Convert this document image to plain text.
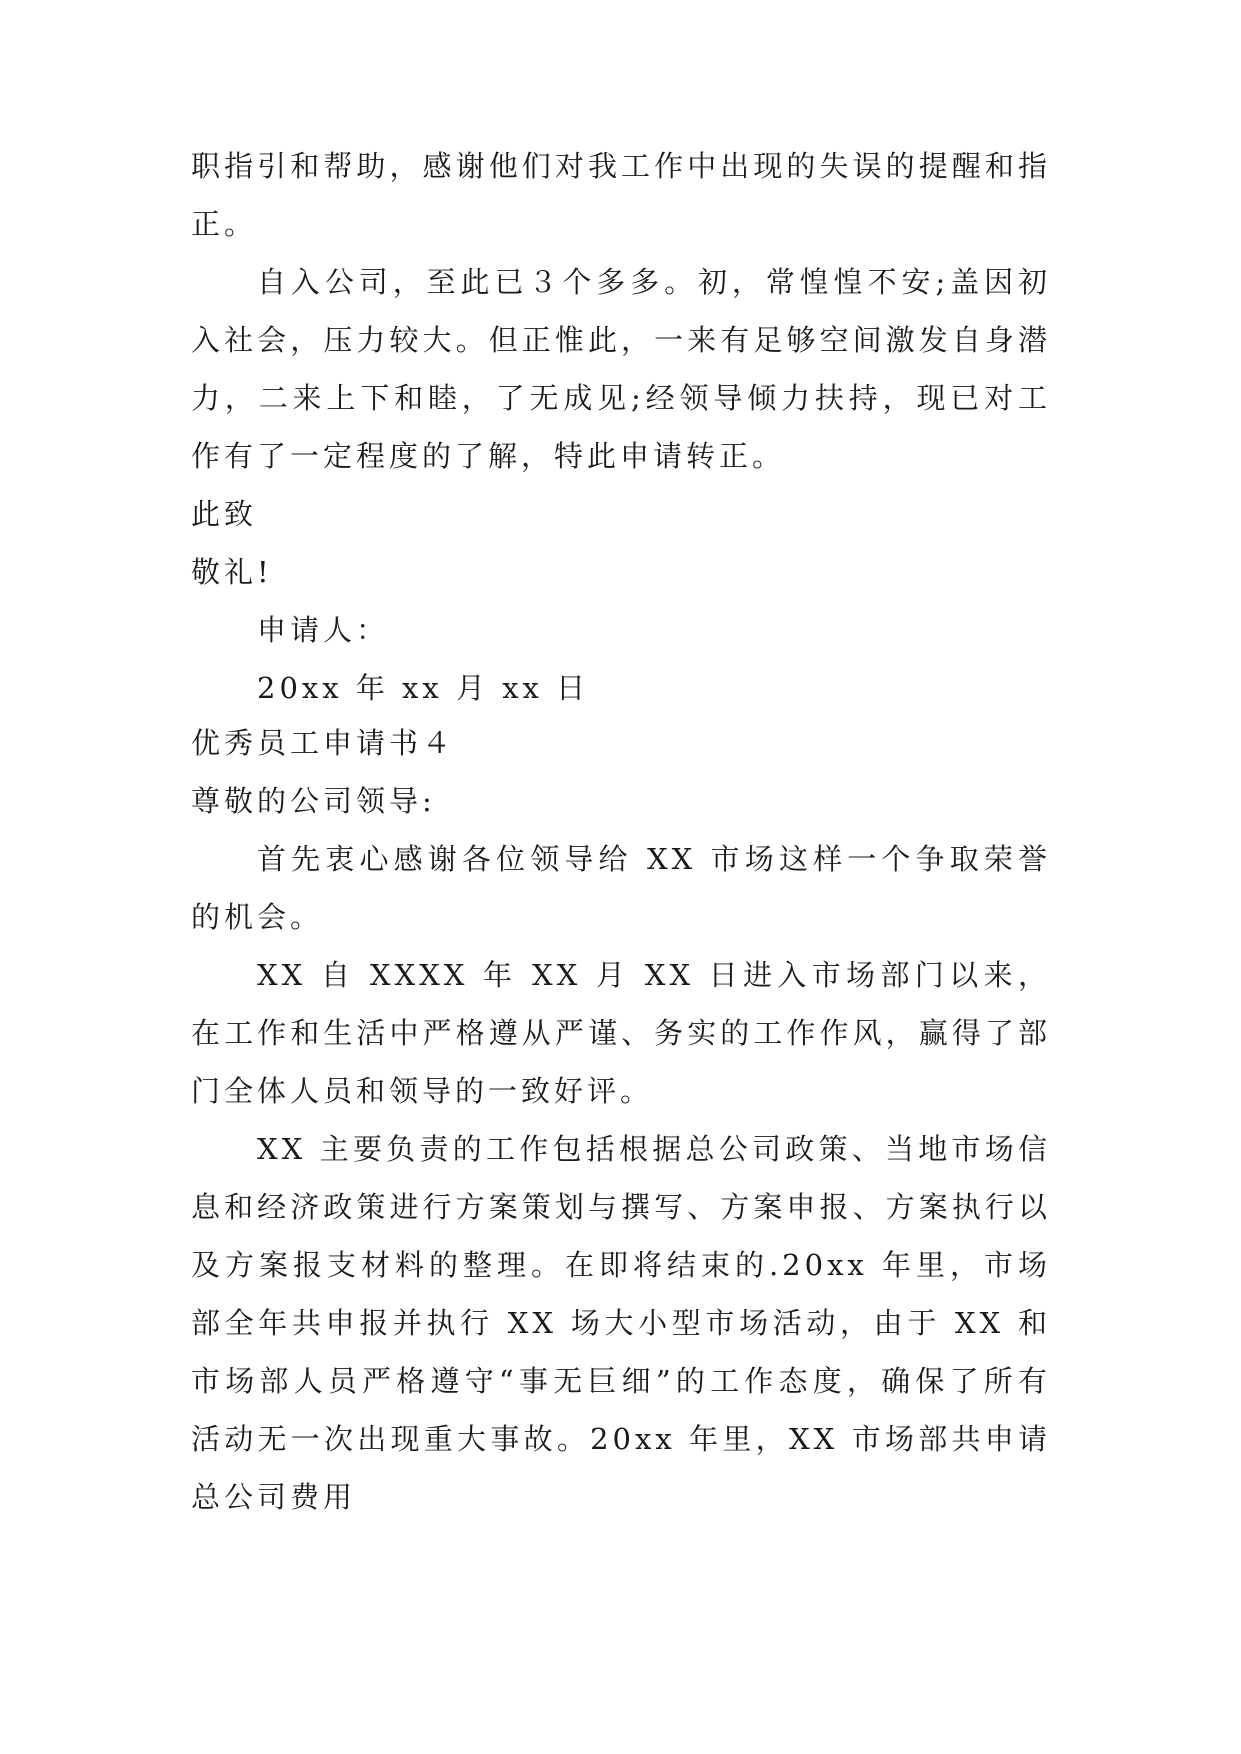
职指引和帮助，感谢他们对我工作中出现的失误的提醒和指正。

自入公司，至此已３个多多。初，常惶惶不安;盖因初入社会，压力较大。但正惟此，一来有足够空间激发自身潜力，二来上下和睦，了无成见;经领导倾力扶持，现已对工作有了一定程度的了解，特此申请转正。

此致

敬礼!

申请人：

20xx 年 xx 月 xx 日

优秀员工申请书４

尊敬的公司领导:

首先衷心感谢各位领导给 XX 市场这样一个争取荣誉的机会。

XX 自 XXXX 年 XX 月 XX 日进入市场部门以来，在工作和生活中严格遵从严谨、务实的工作作风，赢得了部门全体人员和领导的一致好评。

XX 主要负责的工作包括根据总公司政策、当地市场信息和经济政策进行方案策划与撰写、方案申报、方案执行以及方案报支材料的整理。在即将结束的.20xx 年里，市场部全年共申报并执行 XX 场大小型市场活动，由于 XX 和市场部人员严格遵守“事无巨细”的工作态度，确保了所有活动无一次出现重大事故。20xx 年里，XX 市场部共申请总公司费用
